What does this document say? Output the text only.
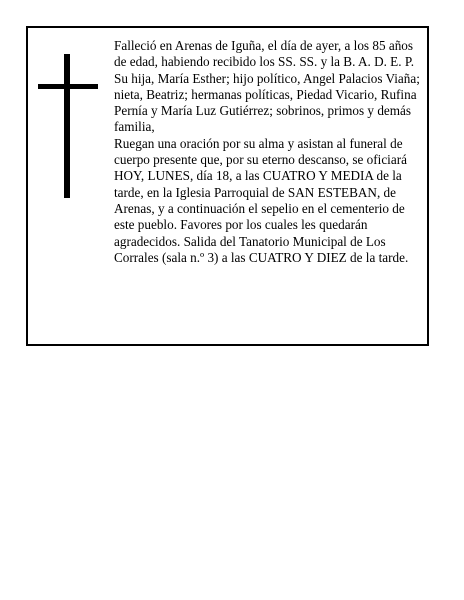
Falleció en Arenas de Iguña, el día de ayer, a los 85 años de edad, habiendo recibido los SS. SS. y la B. A. D. E. P.

Su hija, María Esther; hijo político, Angel Palacios Viaña; nieta, Beatriz; hermanas políticas, Piedad Vicario, Rufina Pernía y María Luz Gutiérrez; sobrinos, primos y demás familia,

Ruegan una oración por su alma y asistan al funeral de cuerpo presente que, por su eterno descanso, se oficiará HOY, LUNES, día 18, a las CUATRO Y MEDIA de la tarde, en la Iglesia Parroquial de SAN ESTEBAN, de Arenas, y a continuación el sepelio en el cementerio de este pueblo. Favores por los cuales les quedarán agradecidos. Salida del Tanatorio Municipal de Los Corrales (sala n.º 3) a las CUATRO Y DIEZ de la tarde.
